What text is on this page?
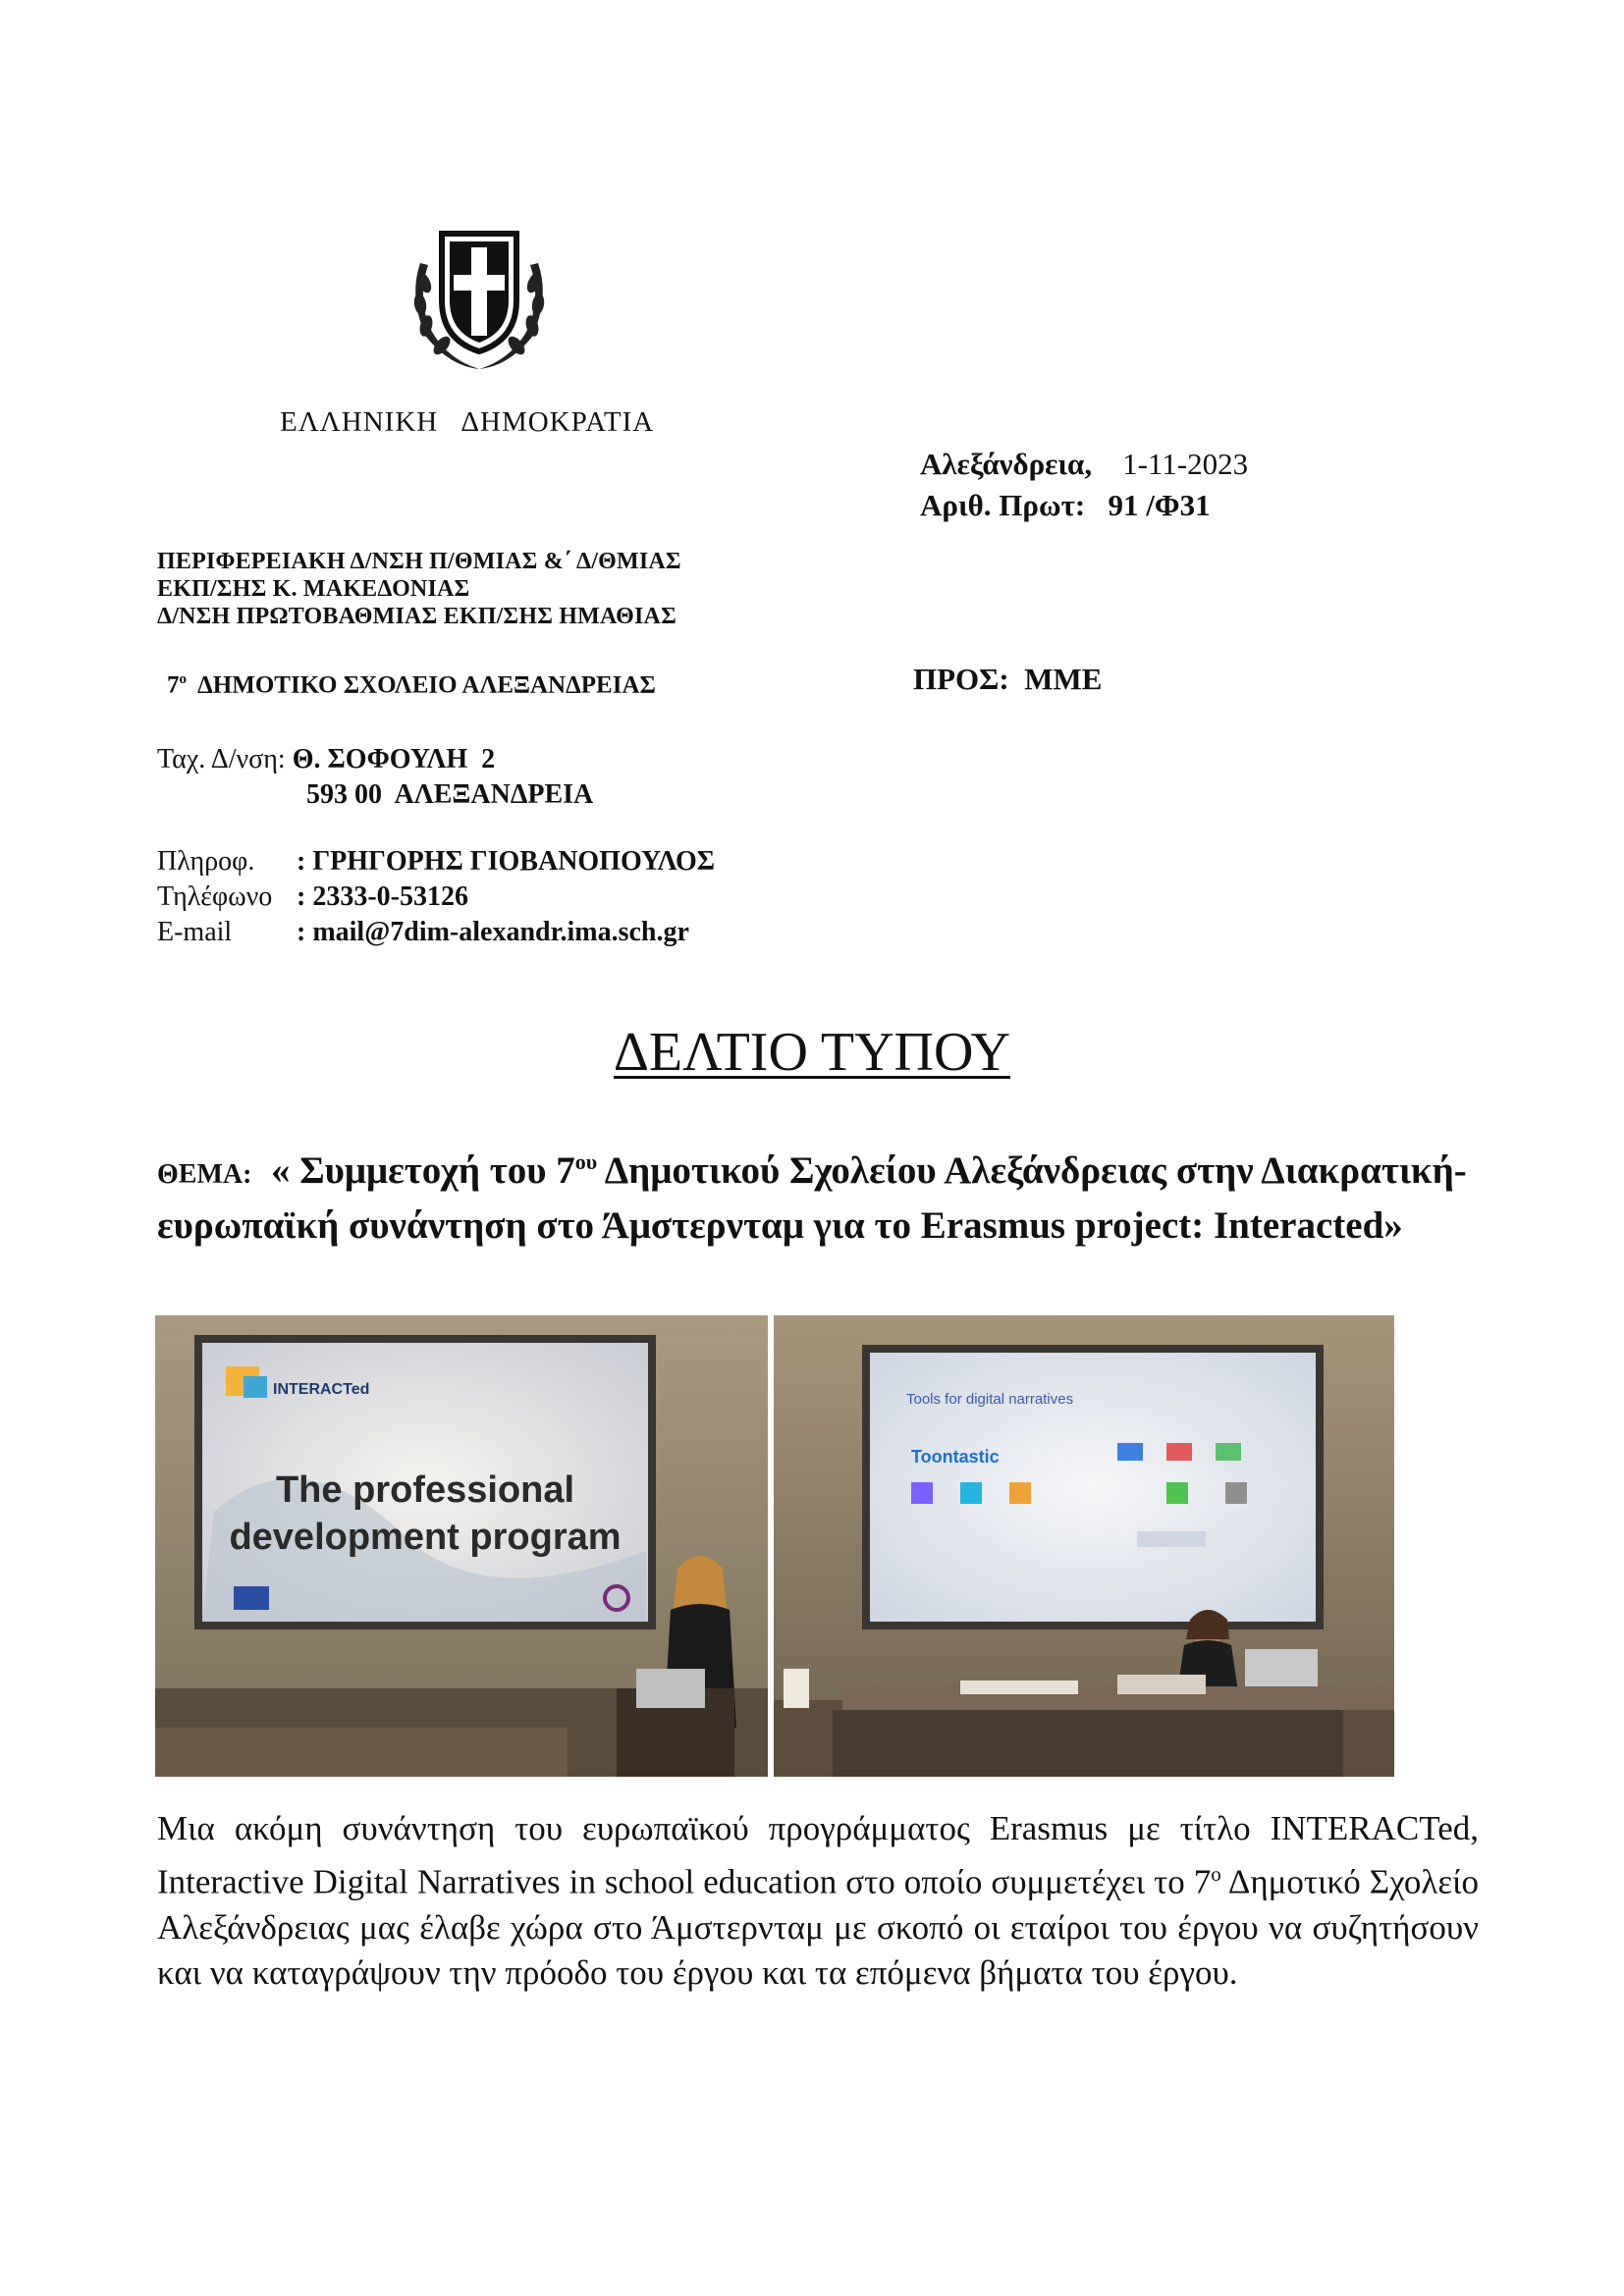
ΕΛΛΗΝΙΚΗ   ΔΗΜΟΚΡΑΤΙΑ
Αλεξάνδρεια, 1-11-2023
Αριθ. Πρωτ: 91 /Φ31
ΠΕΡΙΦΕΡΕΙΑΚΗ Δ/ΝΣΗ Π/ΘΜΙΑΣ &΄ Δ/ΘΜΙΑΣ
ΕΚΠ/ΣΗΣ Κ. ΜΑΚΕΔΟΝΙΑΣ
Δ/ΝΣΗ ΠΡΩΤΟΒΑΘΜΙΑΣ ΕΚΠ/ΣΗΣ ΗΜΑΘΙΑΣ
$7^o$ ΔΗΜΟΤΙΚΟ ΣΧΟΛΕΙΟ ΑΛΕΞΑΝΔΡΕΙΑΣ	ΠΡΟΣ:  ΜΜΕ
Ταχ. Δ/νση: Θ. ΣΟΦΟΥΛΗ  2
593 00  ΑΛΕΞΑΝΔΡΕΙΑ
Πληροφ.	: ΓΡΗΓΟΡΗΣ ΓΙΟΒΑΝΟΠΟΥΛΟΣ
Τηλέφωνο : 2333-0-53126
E-mail	: mail@7dim-alexandr.ima.sch.gr
ΔΕΛΤΙΟ ΤΥΠΟΥ
ΘΕΜΑ: « Συμμετοχή του $7^{o\upsilon}$ Δημοτικού Σχολείου Αλεξάνδρειας στην Διακρατική- ευρωπαϊκή συνάντηση στο Άμστερνταμ για το Erasmus project: Interacted»
INTERACTed
The professional
development program
Tools for digital narratives
Toontastic
Μια ακόμη συνάντηση του ευρωπαϊκού προγράμματος Erasmus με τίτλο INTERACTed, Interactive Digital Narratives in school education στο οποίο συμμετέχει το $7^o$ Δημοτικό Σχολείο Αλεξάνδρειας μας έλαβε χώρα στο Άμστερνταμ με σκοπό οι εταίροι του έργου να συζητήσουν και να καταγράψουν την πρόοδο του έργου και τα επόμενα βήματα του έργου.
